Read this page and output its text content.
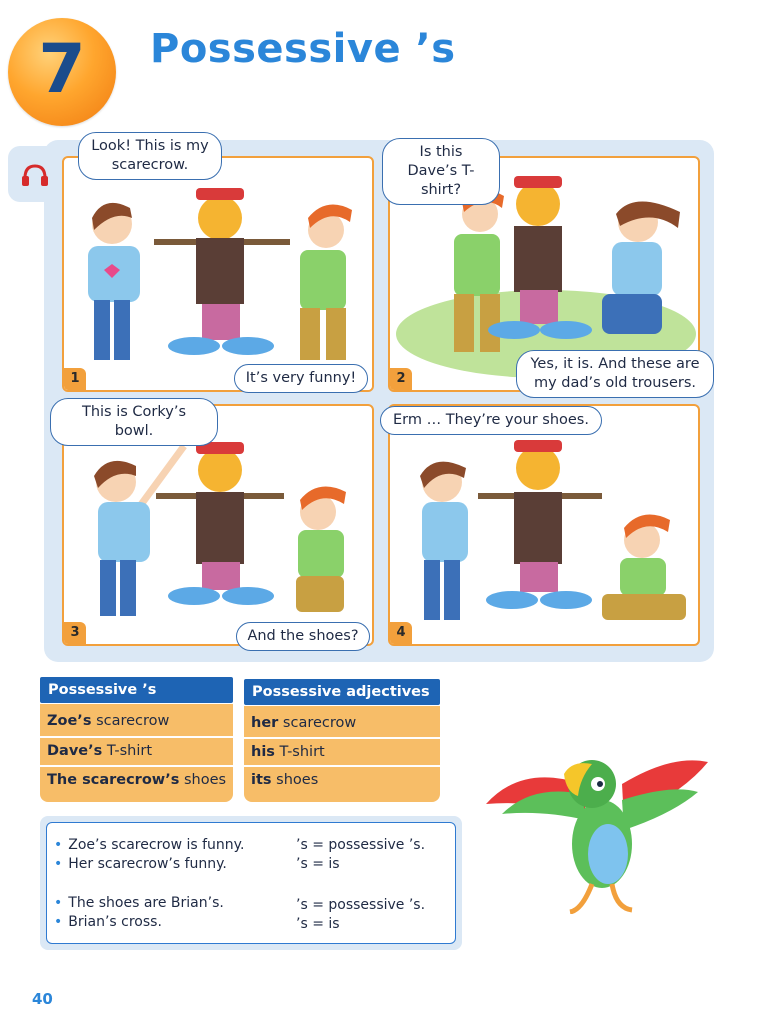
7	Possessive ’s
1	2
3	4
Look! This is my scarecrow.
It’s very funny!
Is this Dave’s T-shirt?
Yes, it is. And these are my dad’s old trousers.
This is Corky’s bowl.
And the shoes?
Erm … They’re your shoes.
Possessive ’s
Zoe’s scarecrow
Dave’s T-shirt
The scarecrow’s shoes
Possessive adjectives
her scarecrow
his T-shirt
its shoes
• Zoe’s scarecrow is funny.	’s = possessive ’s.
• Her scarecrow’s funny.	’s = is
• The shoes are Brian’s.	’s = possessive ’s.
• Brian’s cross.	’s = is
40
